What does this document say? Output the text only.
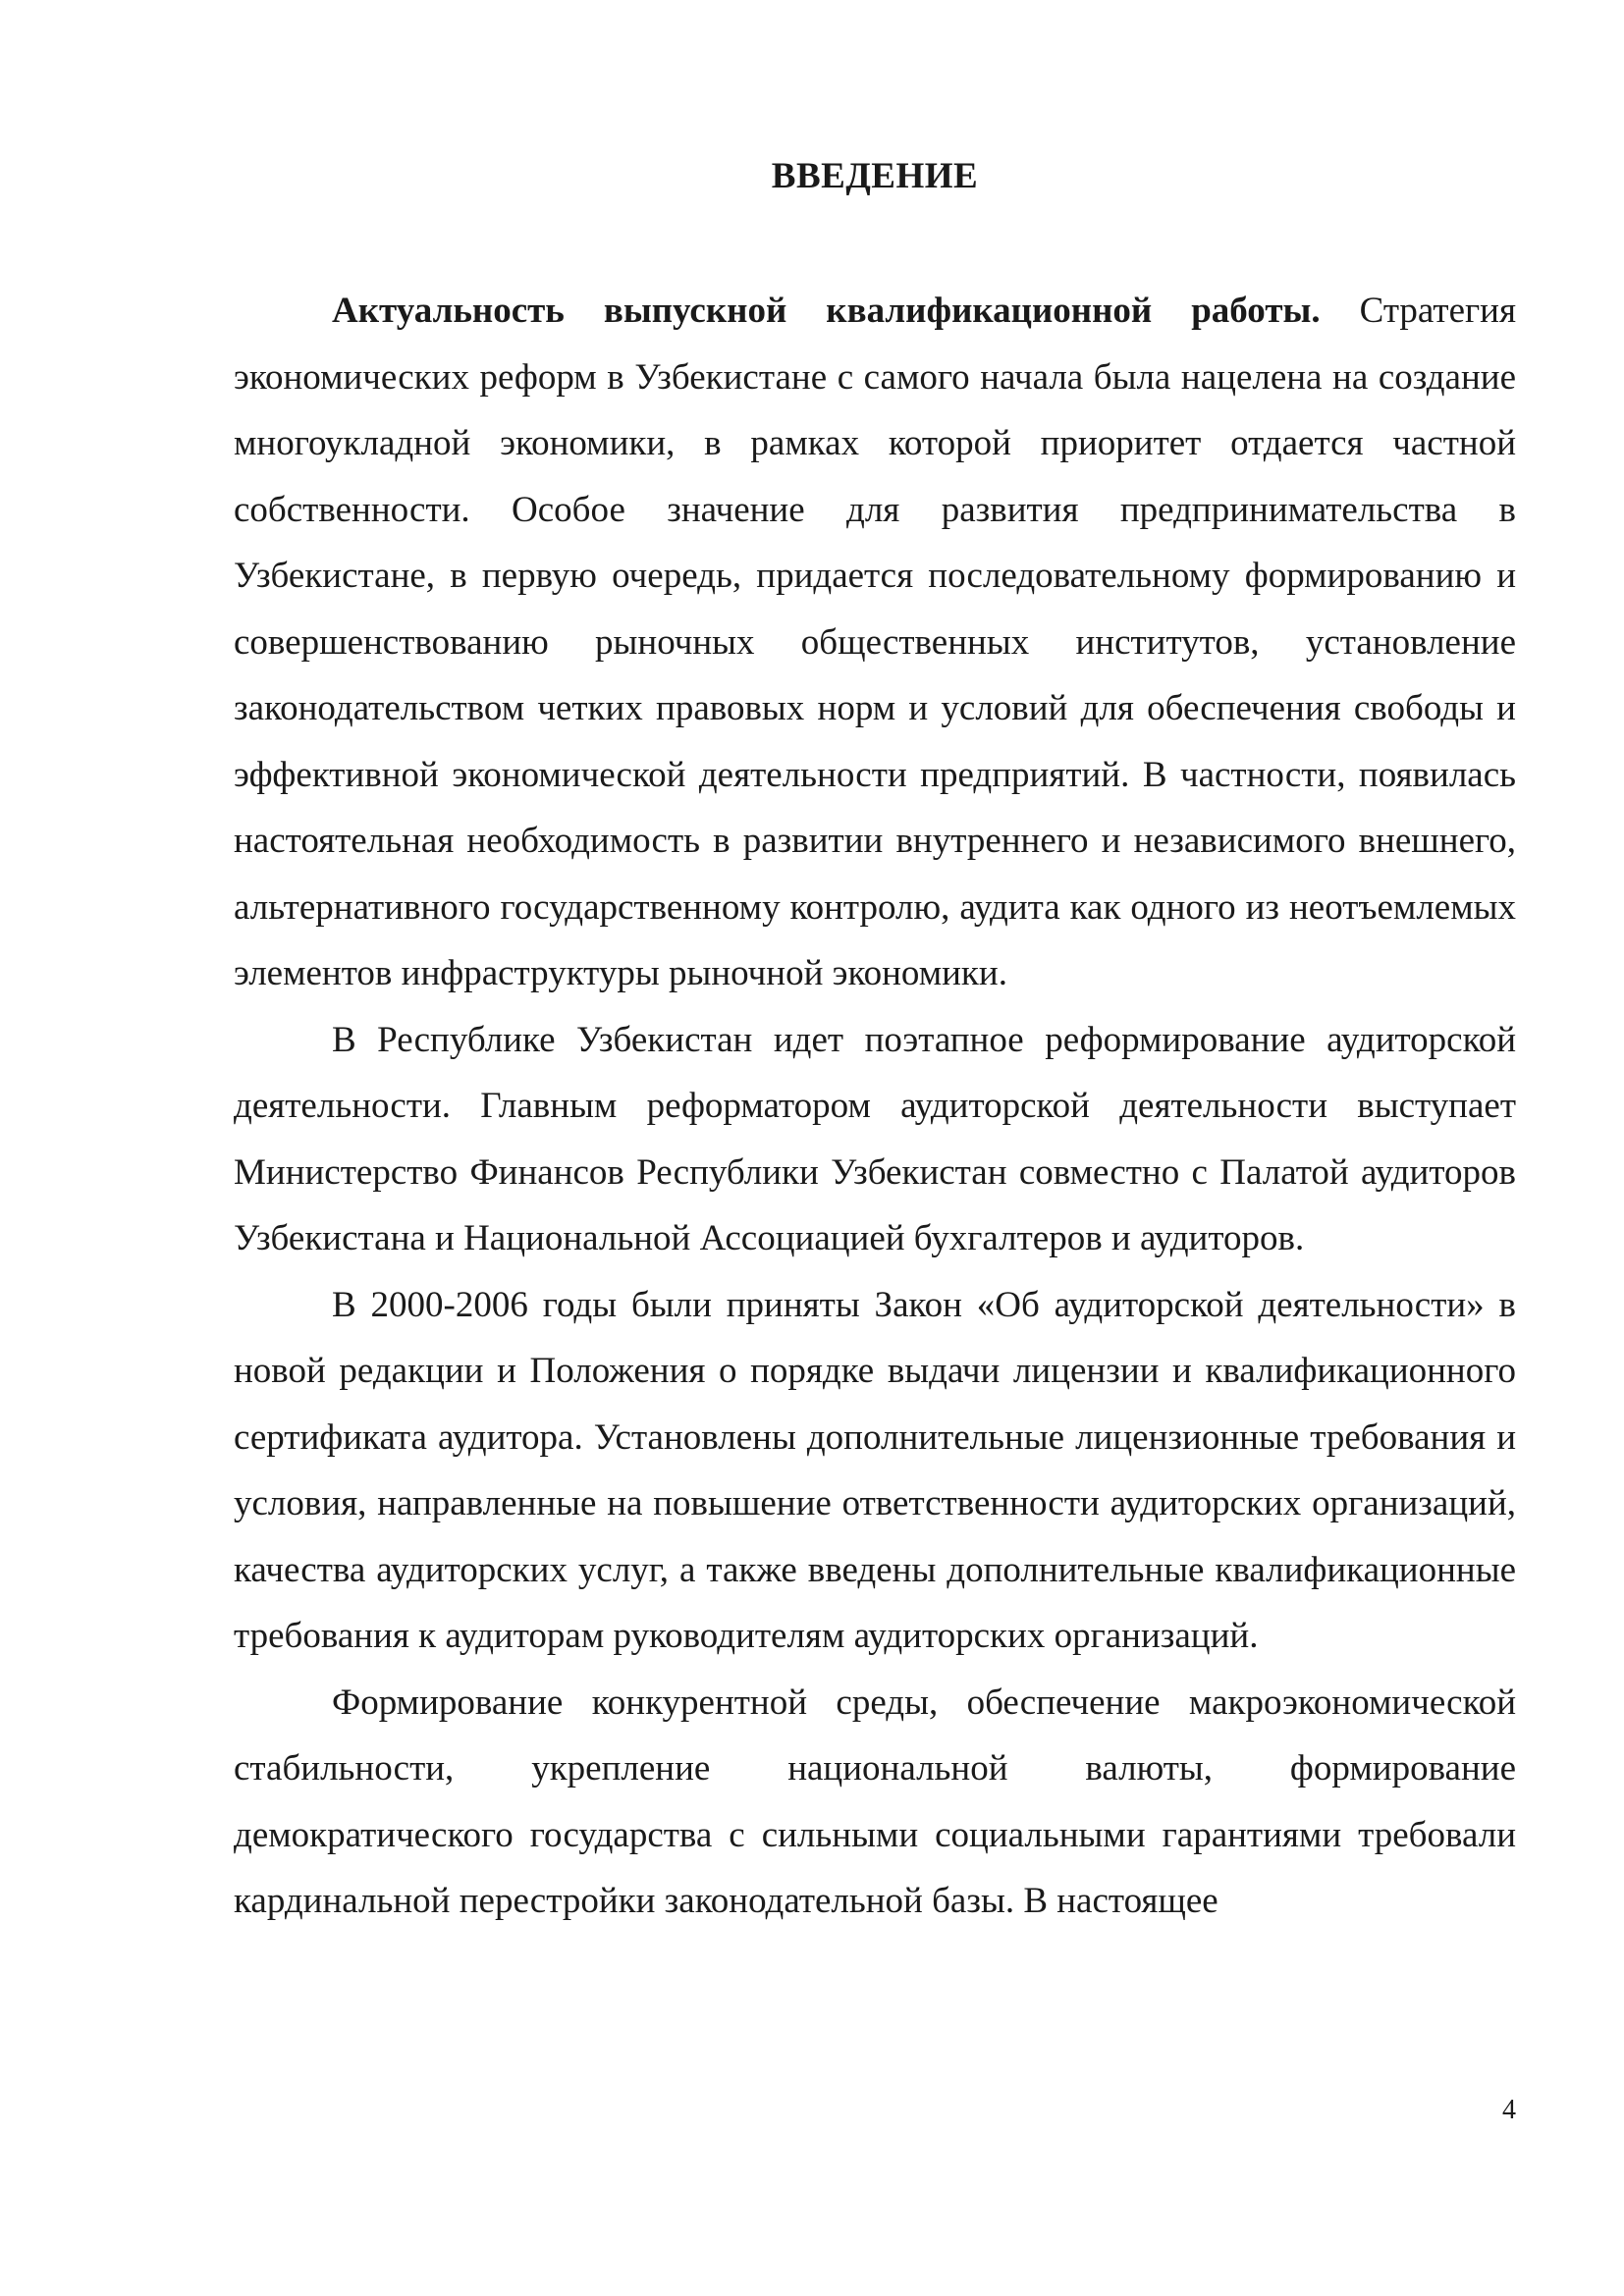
ВВЕДЕНИЕ

Актуальность выпускной квалификационной работы. Стратегия экономических реформ в Узбекистане с самого начала была нацелена на создание многоукладной экономики, в рамках которой приоритет отдается частной собственности. Особое значение для развития предпринимательства в Узбекистане, в первую очередь, придается последовательному формированию и совершенствованию рыночных общественных институтов, установление законодательством четких правовых норм и условий для обеспечения свободы и эффективной экономической деятельности предприятий. В частности, появилась настоятельная необходимость в развитии внутреннего и независимого внешнего, альтернативного государственному контролю, аудита как одного из неотъемлемых элементов инфраструктуры рыночной экономики.

В Республике Узбекистан идет поэтапное реформирование аудиторской деятельности. Главным реформатором аудиторской деятельности выступает Министерство Финансов Республики Узбекистан совместно с Палатой аудиторов Узбекистана и Национальной Ассоциацией бухгалтеров и аудиторов.

В 2000-2006 годы были приняты Закон «Об аудиторской деятельности» в новой редакции и Положения о порядке выдачи лицензии и квалификационного сертификата аудитора. Установлены дополнительные лицензионные требования и условия, направленные на повышение ответственности аудиторских организаций, качества аудиторских услуг, а также введены дополнительные квалификационные требования к аудиторам руководителям аудиторских организаций.

Формирование конкурентной среды, обеспечение макроэкономической стабильности, укрепление национальной валюты, формирование демократического государства с сильными социальными гарантиями требовали кардинальной перестройки законодательной базы. В настоящее

4
